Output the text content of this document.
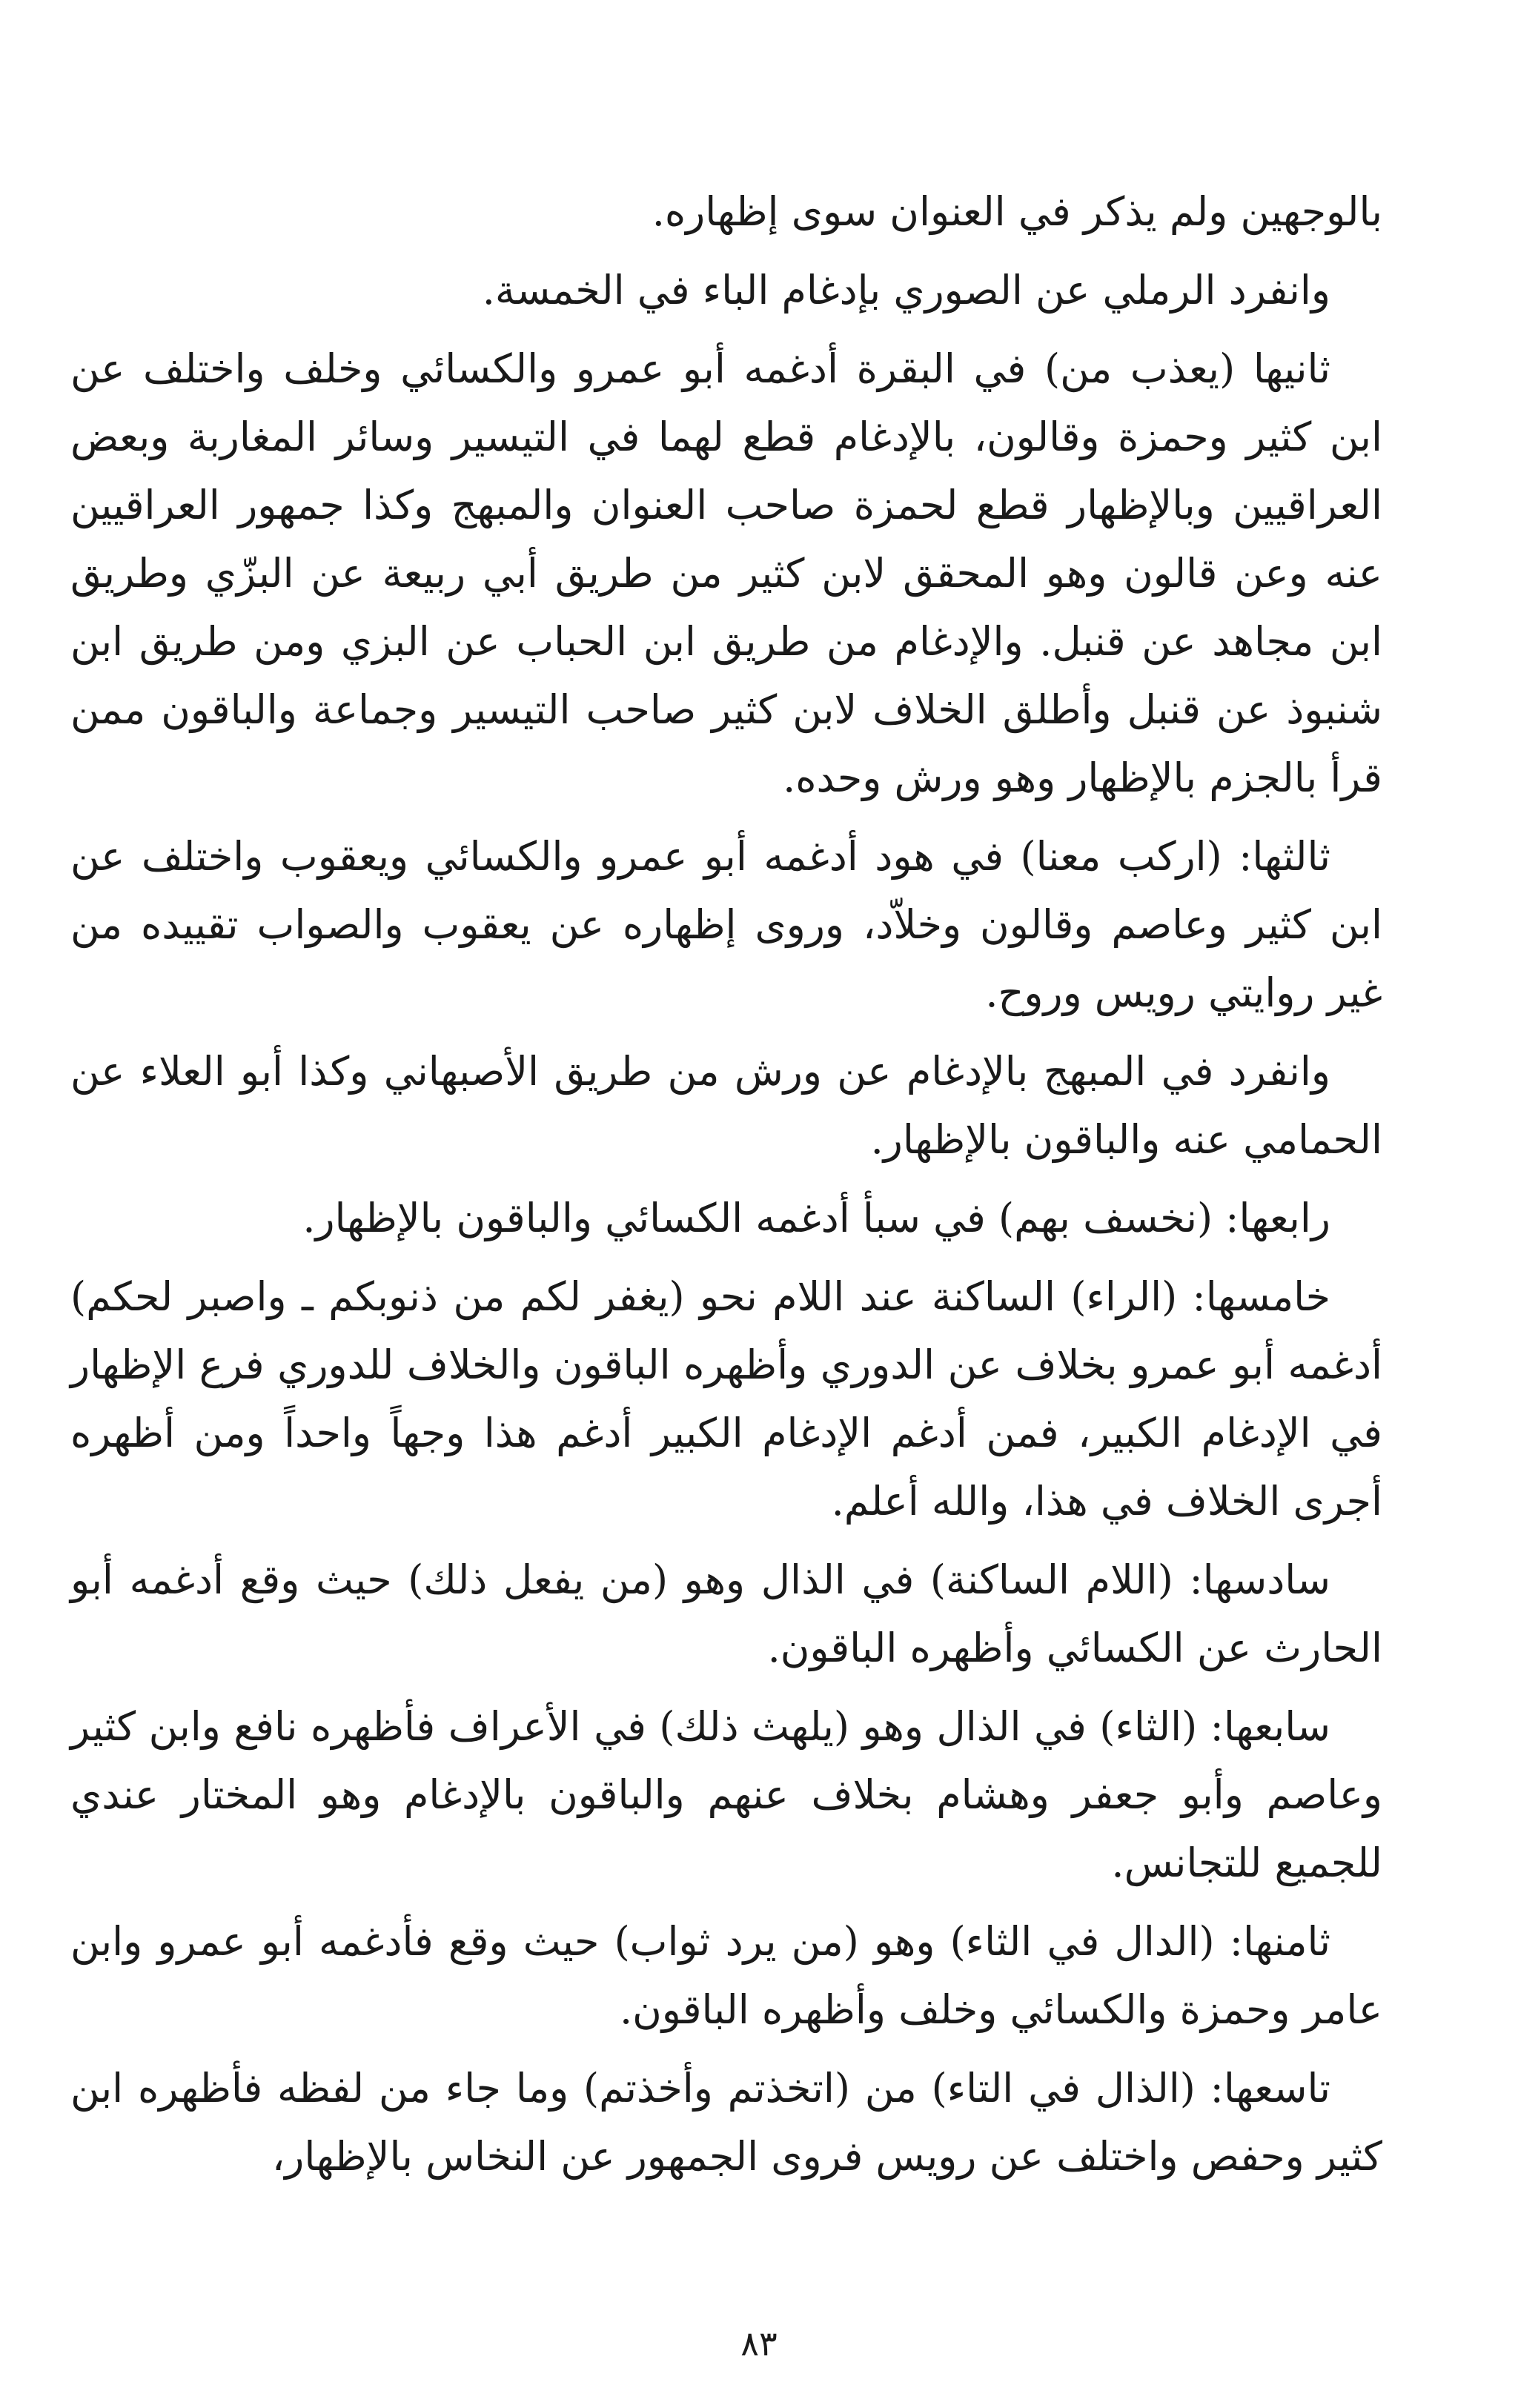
بالوجهين ولم يذكر في العنوان سوى إظهاره.

وانفرد الرملي عن الصوري بإدغام الباء في الخمسة.

ثانيها (يعذب من) في البقرة أدغمه أبو عمرو والكسائي وخلف واختلف عن ابن كثير وحمزة وقالون، بالإدغام قطع لهما في التيسير وسائر المغاربة وبعض العراقيين وبالإظهار قطع لحمزة صاحب العنوان والمبهج وكذا جمهور العراقيين عنه وعن قالون وهو المحقق لابن كثير من طريق أبي ربيعة عن البزّي وطريق ابن مجاهد عن قنبل. والإدغام من طريق ابن الحباب عن البزي ومن طريق ابن شنبوذ عن قنبل وأطلق الخلاف لابن كثير صاحب التيسير وجماعة والباقون ممن قرأ بالجزم بالإظهار وهو ورش وحده.

ثالثها: (اركب معنا) في هود أدغمه أبو عمرو والكسائي ويعقوب واختلف عن ابن كثير وعاصم وقالون وخلاّد، وروى إظهاره عن يعقوب والصواب تقييده من غير روايتي رويس وروح.

وانفرد في المبهج بالإدغام عن ورش من طريق الأصبهاني وكذا أبو العلاء عن الحمامي عنه والباقون بالإظهار.

رابعها: (نخسف بهم) في سبأ أدغمه الكسائي والباقون بالإظهار.

خامسها: (الراء) الساكنة عند اللام نحو (يغفر لكم من ذنوبكم ـ واصبر لحكم) أدغمه أبو عمرو بخلاف عن الدوري وأظهره الباقون والخلاف للدوري فرع الإظهار في الإدغام الكبير، فمن أدغم الإدغام الكبير أدغم هذا وجهاً واحداً ومن أظهره أجرى الخلاف في هذا، والله أعلم.

سادسها: (اللام الساكنة) في الذال وهو (من يفعل ذلك) حيث وقع أدغمه أبو الحارث عن الكسائي وأظهره الباقون.

سابعها: (الثاء) في الذال وهو (يلهث ذلك) في الأعراف فأظهره نافع وابن كثير وعاصم وأبو جعفر وهشام بخلاف عنهم والباقون بالإدغام وهو المختار عندي للجميع للتجانس.

ثامنها: (الدال في الثاء) وهو (من يرد ثواب) حيث وقع فأدغمه أبو عمرو وابن عامر وحمزة والكسائي وخلف وأظهره الباقون.

تاسعها: (الذال في التاء) من (اتخذتم وأخذتم) وما جاء من لفظه فأظهره ابن كثير وحفص واختلف عن رويس فروى الجمهور عن النخاس بالإظهار،

٨٣
